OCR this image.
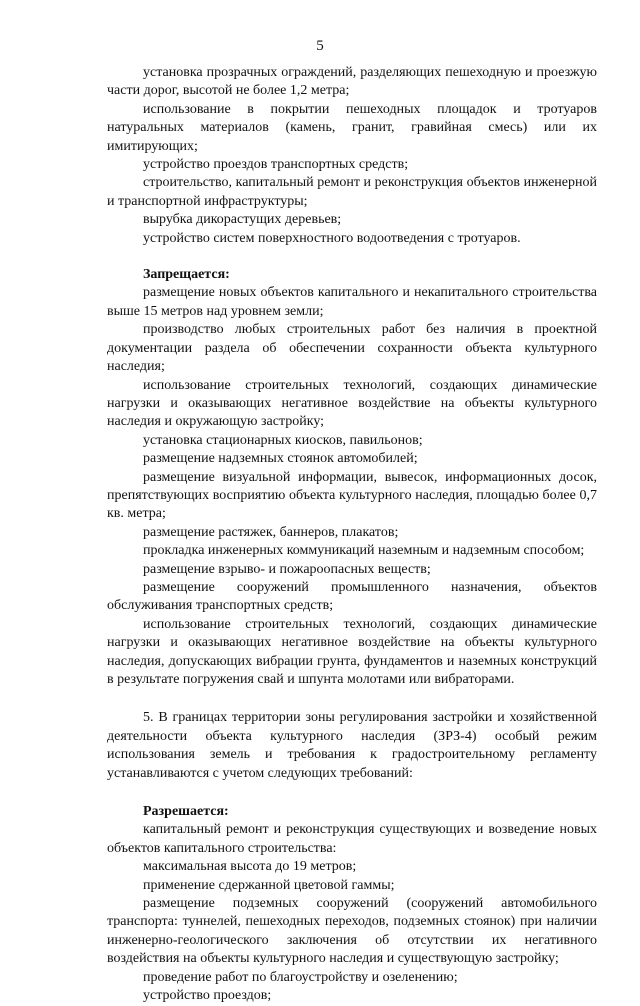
5

установка прозрачных ограждений, разделяющих пешеходную и проезжую части дорог, высотой не более 1,2 метра;

использование в покрытии пешеходных площадок и тротуаров натуральных материалов (камень, гранит, гравийная смесь) или их имитирующих;

устройство проездов транспортных средств;

строительство, капитальный ремонт и реконструкция объектов инженерной и транспортной инфраструктуры;

вырубка дикорастущих деревьев;

устройство систем поверхностного водоотведения с тротуаров.

Запрещается:

размещение новых объектов капитального и некапитального строительства выше 15 метров над уровнем земли;

производство любых строительных работ без наличия в проектной документации раздела об обеспечении сохранности объекта культурного наследия;

использование строительных технологий, создающих динамические нагрузки и оказывающих негативное воздействие на объекты культурного наследия и окружающую застройку;

установка стационарных киосков, павильонов;

размещение надземных стоянок автомобилей;

размещение визуальной информации, вывесок, информационных досок, препятствующих восприятию объекта культурного наследия, площадью более 0,7 кв. метра;

размещение растяжек, баннеров, плакатов;

прокладка инженерных коммуникаций наземным и надземным способом;

размещение взрыво- и пожароопасных веществ;

размещение сооружений промышленного назначения, объектов обслуживания транспортных средств;

использование строительных технологий, создающих динамические нагрузки и оказывающих негативное воздействие на объекты культурного наследия, допускающих вибрации грунта, фундаментов и наземных конструкций в результате погружения свай и шпунта молотами или вибраторами.

5. В границах территории зоны регулирования застройки и хозяйственной деятельности объекта культурного наследия (ЗРЗ-4) особый режим использования земель и требования к градостроительному регламенту устанавливаются с учетом следующих требований:

Разрешается:

капитальный ремонт и реконструкция существующих и возведение новых объектов капитального строительства:

максимальная высота до 19 метров;

применение сдержанной цветовой гаммы;

размещение подземных сооружений (сооружений автомобильного транспорта: туннелей, пешеходных переходов, подземных стоянок) при наличии инженерно-геологического заключения об отсутствии их негативного воздействия на объекты культурного наследия и существующую застройку;

проведение работ по благоустройству и озеленению;

устройство проездов;
